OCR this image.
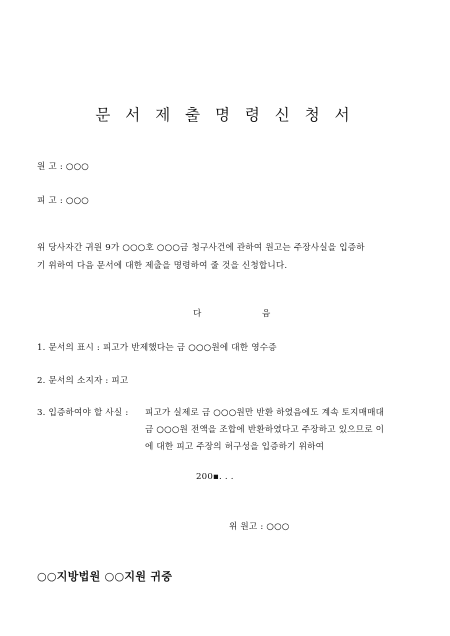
문 서 제 출 명 령 신 청 서
원 고 : ○○○
피 고 : ○○○
위 당사자간 귀원 9가 ○○○호 ○○○금 청구사건에 관하여 원고는 주장사실을 입증하
기 위하여 다음 문서에 대한 제출을 명령하여 줄 것을 신청합니다.
다	음
1. 문서의 표시 : 피고가 반제했다는 금 ○○○원에 대한 영수증
2. 문서의 소지자 : 피고
3. 입증하여야 할 사실 : 피고가 실제로 금 ○○○원만 반환 하였음에도 계속 토지매매대
금 ○○○원 전액을 조합에 반환하였다고 주장하고 있으므로 이
에 대한 피고 주장의 허구성을 입증하기 위하여
200▪. . .
위 원고 : ○○○
○○지방법원 ○○지원 귀중
